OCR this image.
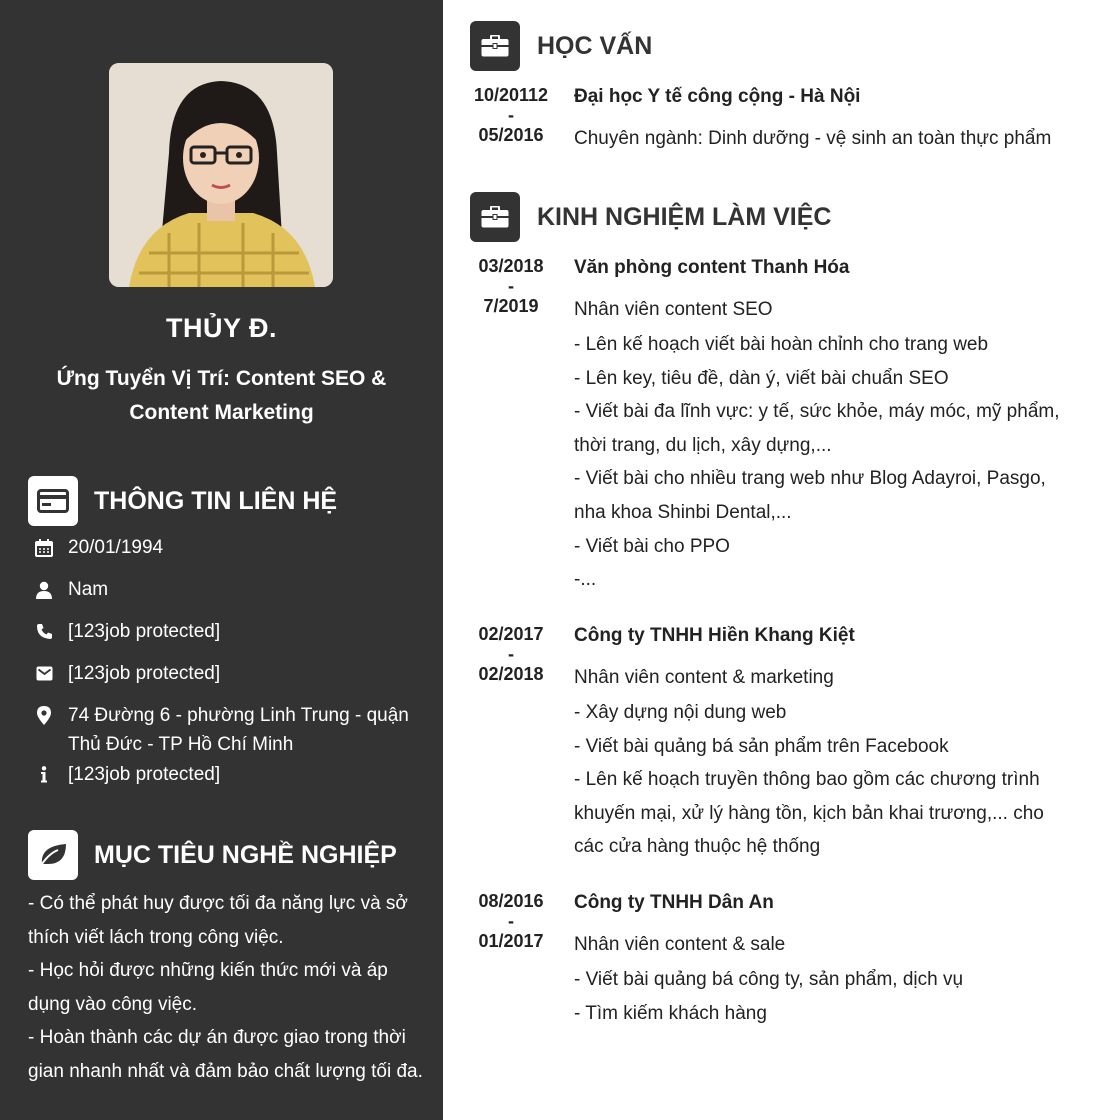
THỦY Đ.
Ứng Tuyển Vị Trí: Content SEO & Content Marketing
THÔNG TIN LIÊN HỆ
20/01/1994
Nam
[123job protected]
[123job protected]
74 Đường 6 - phường Linh Trung - quận Thủ Đức - TP Hồ Chí Minh
[123job protected]
MỤC TIÊU NGHỀ NGHIỆP

- Có thể phát huy được tối đa năng lực và sở thích viết lách trong công việc.

- Học hỏi được những kiến thức mới và áp dụng vào công việc.

- Hoàn thành các dự án được giao trong thời gian nhanh nhất và đảm bảo chất lượng tối đa.

HỌC VẤN
10/20112
-
05/2016
Đại học Y tế công cộng - Hà Nội
Chuyên ngành: Dinh dưỡng - vệ sinh an toàn thực phẩm
KINH NGHIỆM LÀM VIỆC
03/2018
-
7/2019
Văn phòng content Thanh Hóa
Nhân viên content SEO

- Lên kế hoạch viết bài hoàn chỉnh cho trang web

- Lên key, tiêu đề, dàn ý, viết bài chuẩn SEO

- Viết bài đa lĩnh vực: y tế, sức khỏe, máy móc, mỹ phẩm, thời trang, du lịch, xây dựng,...

- Viết bài cho nhiều trang web như Blog Adayroi, Pasgo, nha khoa Shinbi Dental,...

- Viết bài cho PPO

-...

02/2017
-
02/2018
Công ty TNHH Hiền Khang Kiệt
Nhân viên content & marketing

- Xây dựng nội dung web

- Viết bài quảng bá sản phẩm trên Facebook

- Lên kế hoạch truyền thông bao gồm các chương trình khuyến mại, xử lý hàng tồn, kịch bản khai trương,... cho các cửa hàng thuộc hệ thống

08/2016
-
01/2017
Công ty TNHH Dân An
Nhân viên content & sale

- Viết bài quảng bá công ty, sản phẩm, dịch vụ

- Tìm kiếm khách hàng
